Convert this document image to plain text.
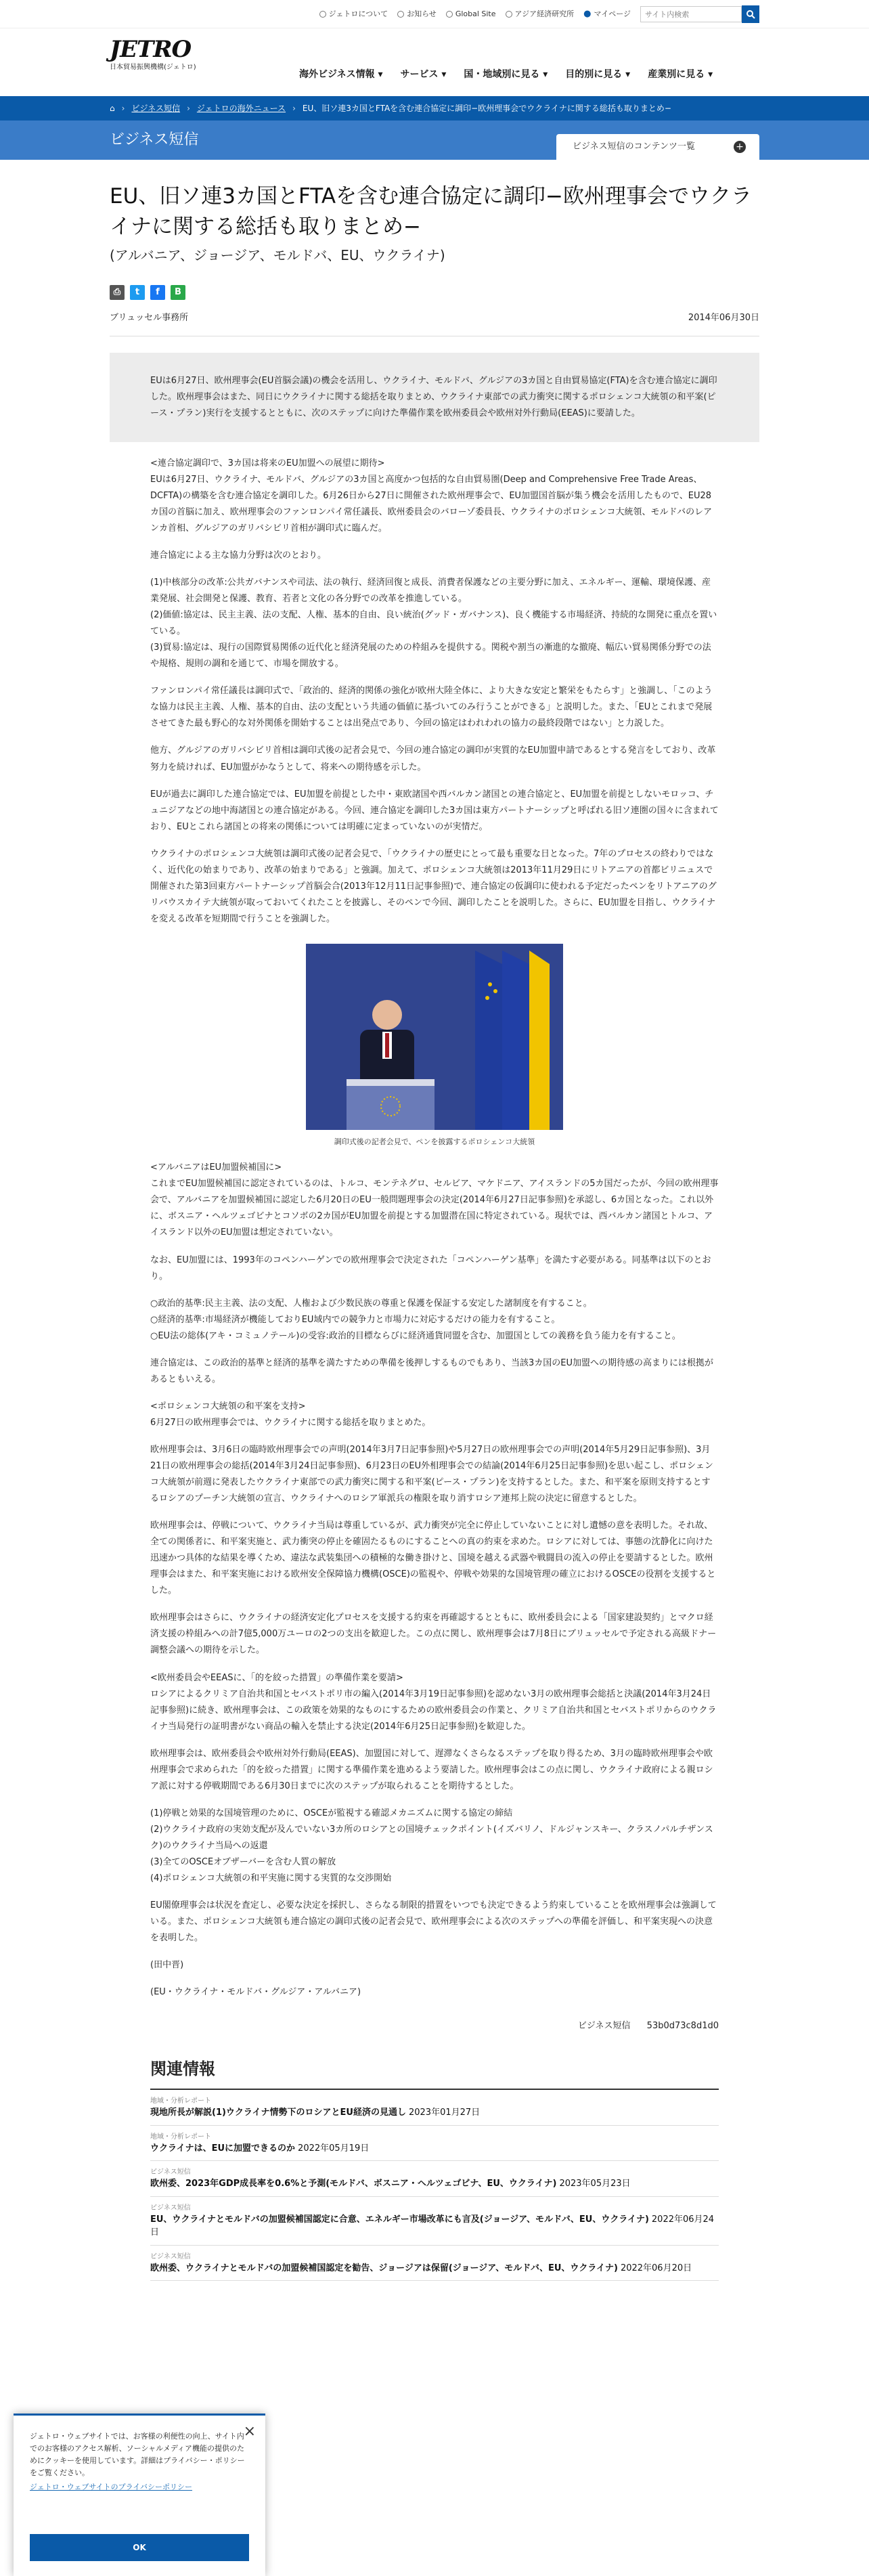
ジェトロについて	お知らせ	Global Site	アジア経済研究所 ● マイページ
サイト内検索
JETRO
日本貿易振興機構(ジェトロ)
海外ビジネス情報 ▾ サービス ▾ 国・地域別に見る ▾ 目的別に見る ▾ 産業別に見る ▾
⌂ › ビジネス短信 › ジェトロの海外ニュース › EU、旧ソ連3カ国とFTAを含む連合協定に調印−欧州理事会でウクライナに関する総括も取りまとめ−
ビジネス短信	ビジネス短信のコンテンツ一覧	+
EU、旧ソ連3カ国とFTAを含む連合協定に調印−欧州理事会でウクライナに関する総括も取りまとめ−
(アルバニア、ジョージア、モルドバ、EU、ウクライナ)
⎙	t	f	B
ブリュッセル事務所	2014年06月30日
EUは6月27日、欧州理事会(EU首脳会議)の機会を活用し、ウクライナ、モルドバ、グルジアの3カ国と自由貿易協定(FTA)を含む連合協定に調印した。欧州理事会はまた、同日にウクライナに関する総括を取りまとめ、ウクライナ東部での武力衝突に関するポロシェンコ大統領の和平案(ピース・プラン)実行を支援するとともに、次のステップに向けた準備作業を欧州委員会や欧州対外行動局(EEAS)に要請した。

<連合協定調印で、3カ国は将来のEU加盟への展望に期待>

EUは6月27日、ウクライナ、モルドバ、グルジアの3カ国と高度かつ包括的な自由貿易圏(Deep and Comprehensive Free Trade Areas、DCFTA)の構築を含む連合協定を調印した。6月26日から27日に開催された欧州理事会で、EU加盟国首脳が集う機会を活用したもので、EU28カ国の首脳に加え、欧州理事会のファンロンパイ常任議長、欧州委員会のバローゾ委員長、ウクライナのポロシェンコ大統領、モルドバのレアンカ首相、グルジアのガリバシビリ首相が調印式に臨んだ。

連合協定による主な協力分野は次のとおり。

(1)中核部分の改革:公共ガバナンスや司法、法の執行、経済回復と成長、消費者保護などの主要分野に加え、エネルギー、運輸、環境保護、産業発展、社会開発と保護、教育、若者と文化の各分野での改革を推進している。

(2)価値:協定は、民主主義、法の支配、人権、基本的自由、良い統治(グッド・ガバナンス)、良く機能する市場経済、持続的な開発に重点を置いている。

(3)貿易:協定は、現行の国際貿易関係の近代化と経済発展のための枠組みを提供する。関税や割当の漸進的な撤廃、幅広い貿易関係分野での法や規格、規則の調和を通じて、市場を開放する。

ファンロンパイ常任議長は調印式で、「政治的、経済的関係の強化が欧州大陸全体に、より大きな安定と繁栄をもたらす」と強調し、「このような協力は民主主義、人権、基本的自由、法の支配という共通の価値に基づいてのみ行うことができる」と説明した。また、「EUとこれまで発展させてきた最も野心的な対外関係を開始することは出発点であり、今回の協定はわれわれの協力の最終段階ではない」と力説した。

他方、グルジアのガリバシビリ首相は調印式後の記者会見で、今回の連合協定の調印が実質的なEU加盟申請であるとする発言をしており、改革努力を続ければ、EU加盟がかなうとして、将来への期待感を示した。

EUが過去に調印した連合協定では、EU加盟を前提とした中・東欧諸国や西バルカン諸国との連合協定と、EU加盟を前提としないモロッコ、チュニジアなどの地中海諸国との連合協定がある。今回、連合協定を調印した3カ国は東方パートナーシップと呼ばれる旧ソ連圏の国々に含まれており、EUとこれら諸国との将来の関係については明確に定まっていないのが実情だ。

ウクライナのポロシェンコ大統領は調印式後の記者会見で、「ウクライナの歴史にとって最も重要な日となった。7年のプロセスの終わりではなく、近代化の始まりであり、改革の始まりである」と強調。加えて、ポロシェンコ大統領は2013年11月29日にリトアニアの首都ビリニュスで開催された第3回東方パートナーシップ首脳会合(2013年12月11日記事参照)で、連合協定の仮調印に使われる予定だったペンをリトアニアのグリバウスカイテ大統領が取っておいてくれたことを披露し、そのペンで今回、調印したことを説明した。さらに、EU加盟を目指し、ウクライナを変える改革を短期間で行うことを強調した。

調印式後の記者会見で、ペンを披露するポロシェンコ大統領

<アルバニアはEU加盟候補国に>

これまでEU加盟候補国に認定されているのは、トルコ、モンテネグロ、セルビア、マケドニア、アイスランドの5カ国だったが、今回の欧州理事会で、アルバニアを加盟候補国に認定した6月20日のEU一般問題理事会の決定(2014年6月27日記事参照)を承認し、6カ国となった。これ以外に、ボスニア・ヘルツェゴビナとコソボの2カ国がEU加盟を前提とする加盟潜在国に特定されている。現状では、西バルカン諸国とトルコ、アイスランド以外のEU加盟は想定されていない。

なお、EU加盟には、1993年のコペンハーゲンでの欧州理事会で決定された「コペンハーゲン基準」を満たす必要がある。同基準は以下のとおり。

○政治的基準:民主主義、法の支配、人権および少数民族の尊重と保護を保証する安定した諸制度を有すること。

○経済的基準:市場経済が機能しておりEU域内での競争力と市場力に対応するだけの能力を有すること。

○EU法の総体(アキ・コミュノテール)の受容:政治的目標ならびに経済通貨同盟を含む、加盟国としての義務を負う能力を有すること。

連合協定は、この政治的基準と経済的基準を満たすための準備を後押しするものでもあり、当該3カ国のEU加盟への期待感の高まりには根拠があるともいえる。

<ポロシェンコ大統領の和平案を支持>

6月27日の欧州理事会では、ウクライナに関する総括を取りまとめた。

欧州理事会は、3月6日の臨時欧州理事会での声明(2014年3月7日記事参照)や5月27日の欧州理事会での声明(2014年5月29日記事参照)、3月21日の欧州理事会の総括(2014年3月24日記事参照)、6月23日のEU外相理事会での結論(2014年6月25日記事参照)を思い起こし、ポロシェンコ大統領が前週に発表したウクライナ東部での武力衝突に関する和平案(ピース・プラン)を支持するとした。また、和平案を原則支持するとするロシアのプーチン大統領の宣言、ウクライナへのロシア軍派兵の権限を取り消すロシア連邦上院の決定に留意するとした。

欧州理事会は、停戦について、ウクライナ当局は尊重しているが、武力衝突が完全に停止していないことに対し遺憾の意を表明した。それ故、全ての関係者に、和平案実施と、武力衝突の停止を確固たるものにすることへの真の約束を求めた。ロシアに対しては、事態の沈静化に向けた迅速かつ具体的な結果を導くため、違法な武装集団への積極的な働き掛けと、国境を越える武器や戦闘員の流入の停止を要請するとした。欧州理事会はまた、和平案実施における欧州安全保障協力機構(OSCE)の監視や、停戦や効果的な国境管理の確立におけるOSCEの役割を支援するとした。

欧州理事会はさらに、ウクライナの経済安定化プロセスを支援する約束を再確認するとともに、欧州委員会による「国家建設契約」とマクロ経済支援の枠組みへの計7億5,000万ユーロの2つの支出を歓迎した。この点に関し、欧州理事会は7月8日にブリュッセルで予定される高級ドナー調整会議への期待を示した。

<欧州委員会やEEASに、「的を絞った措置」の準備作業を要請>

ロシアによるクリミア自治共和国とセバストポリ市の編入(2014年3月19日記事参照)を認めない3月の欧州理事会総括と決議(2014年3月24日記事参照)に続き、欧州理事会は、この政策を効果的なものにするための欧州委員会の作業と、クリミア自治共和国とセバストポリからのウクライナ当局発行の証明書がない商品の輸入を禁止する決定(2014年6月25日記事参照)を歓迎した。

欧州理事会は、欧州委員会や欧州対外行動局(EEAS)、加盟国に対して、遅滞なくさらなるステップを取り得るため、3月の臨時欧州理事会や欧州理事会で求められた「的を絞った措置」に関する準備作業を進めるよう要請した。欧州理事会はこの点に関し、ウクライナ政府による親ロシア派に対する停戦期間である6月30日までに次のステップが取られることを期待するとした。

(1)停戦と効果的な国境管理のために、OSCEが監視する確認メカニズムに関する協定の締結

(2)ウクライナ政府の実効支配が及んでいない3カ所のロシアとの国境チェックポイント(イズバリノ、ドルジャンスキー、クラスノパルチザンスク)のウクライナ当局への返還

(3)全てのOSCEオブザーバーを含む人質の解放

(4)ポロシェンコ大統領の和平実施に関する実質的な交渉開始

EU閣僚理事会は状況を査定し、必要な決定を採択し、さらなる制限的措置をいつでも決定できるよう約束していることを欧州理事会は強調している。また、ポロシェンコ大統領も連合協定の調印式後の記者会見で、欧州理事会による次のステップへの準備を評価し、和平案実現への決意を表明した。

(田中晋)

(EU・ウクライナ・モルドバ・グルジア・アルバニア)

ビジネス短信 53b0d73c8d1d0
関連情報
地域・分析レポート
現地所長が解説(1)ウクライナ情勢下のロシアとEU経済の見通し 2023年01月27日
地域・分析レポート
ウクライナは、EUに加盟できるのか 2022年05月19日
ビジネス短信
欧州委、2023年GDP成長率を0.6%と予測(モルドバ、ボスニア・ヘルツェゴビナ、EU、ウクライナ) 2023年05月23日
ビジネス短信
EU、ウクライナとモルドバの加盟候補国認定に合意、エネルギー市場改革にも言及(ジョージア、モルドバ、EU、ウクライナ) 2022年06月24日
ビジネス短信
欧州委、ウクライナとモルドバの加盟候補国認定を勧告、ジョージアは保留(ジョージア、モルドバ、EU、ウクライナ) 2022年06月20日
×
ジェトロ・ウェブサイトでは、お客様の利便性の向上、サイト内でのお客様のアクセス解析、ソーシャルメディア機能の提供のためにクッキーを使用しています。詳細はプライバシー・ポリシーをご覧ください。
ジェトロ・ウェブサイトのプライバシーポリシー
OK
